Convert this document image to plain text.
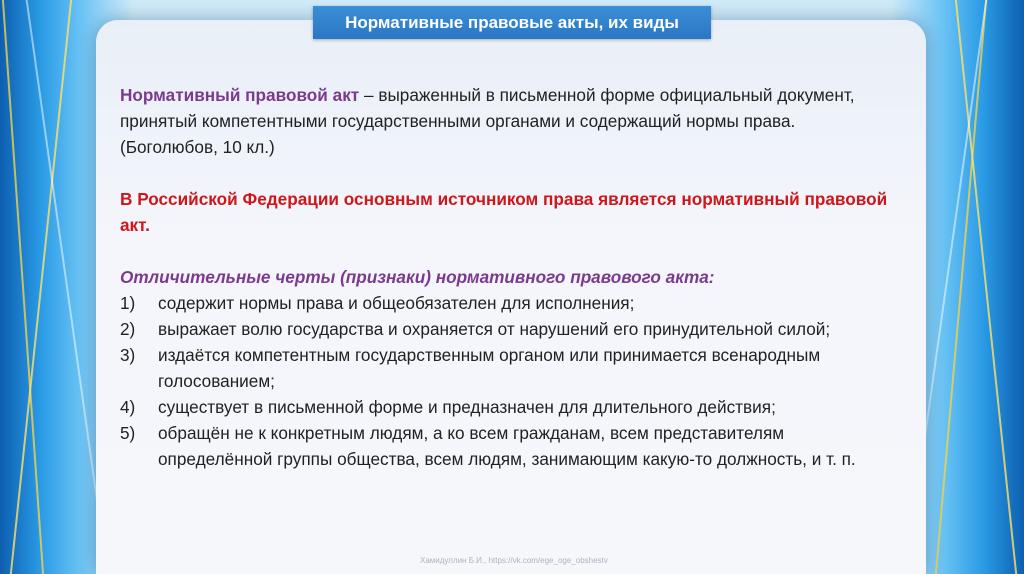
Нормативные правовые акты, их виды

Нормативный правовой акт – выраженный в письменной форме официальный документ, принятый компетентными государственными органами и содержащий нормы права. (Боголюбов, 10 кл.)

В Российской Федерации основным источником права является нормативный правовой акт.

Отличительные черты (признаки) нормативного правового акта:

1)	содержит нормы права и общеобязателен для исполнения;
2)	выражает волю государства и охраняется от нарушений его принудительной силой;
3)	издаётся компетентным государственным органом или принимается всенародным голосованием;
4)	существует в письменной форме и предназначен для длительного действия;
5)	обращён не к конкретным людям, а ко всем гражданам, всем представителям определённой группы общества, всем людям, занимающим какую-то должность, и т. п.
Хамидуллин Б.И., https://vk.com/ege_oge_obshestv
